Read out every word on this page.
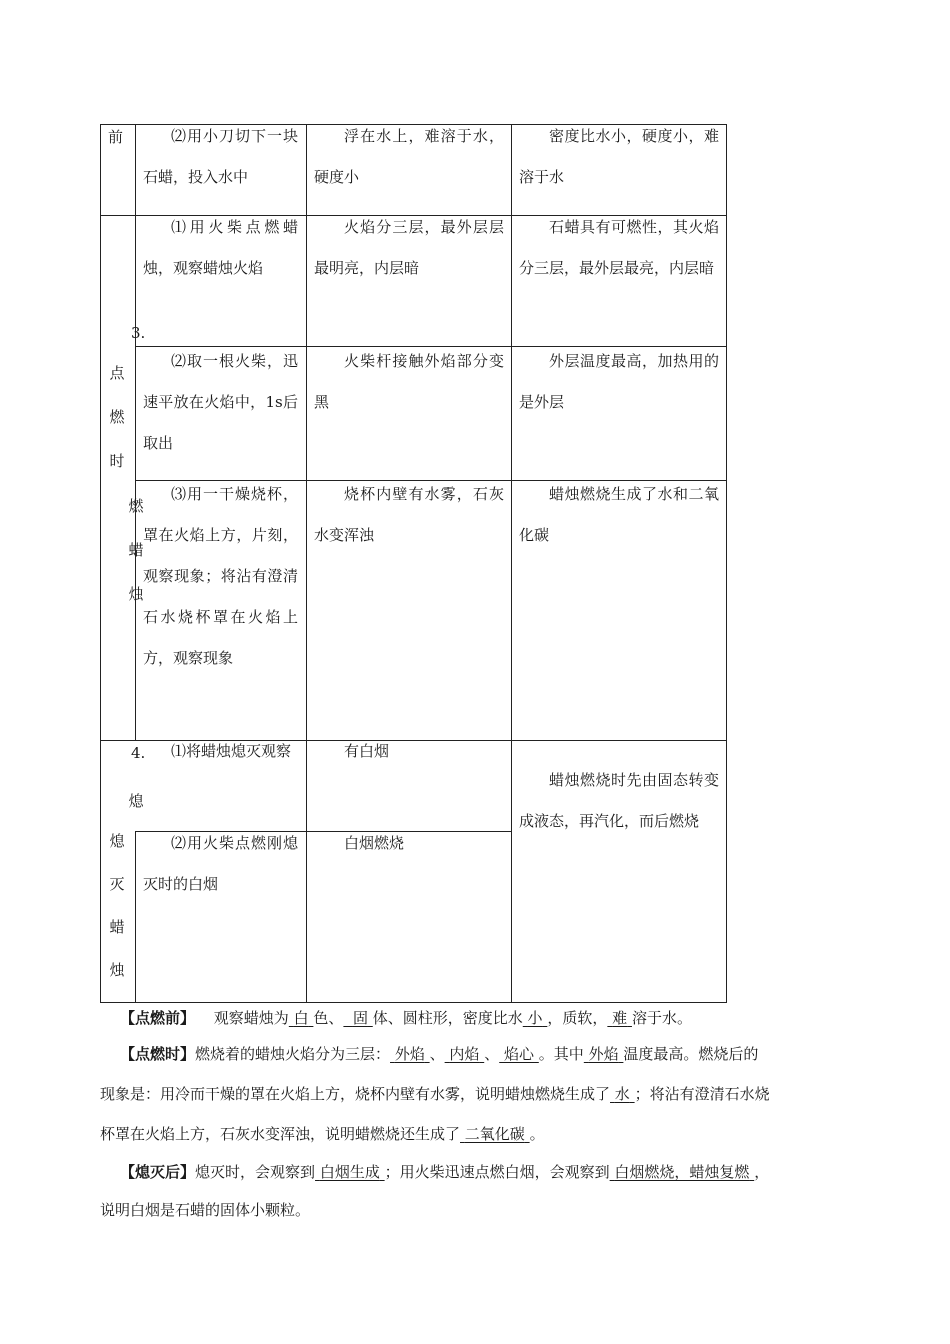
前	⑵用小刀切下一块石蜡，投入水中
浮在水上，难溶于水，硬度小
密度比水小，硬度小，难溶于水
3.
点
燃
时
燃
蜡
烛
⑴用火柴点燃蜡烛，观察蜡烛火焰
火焰分三层，最外层层最明亮，内层暗
石蜡具有可燃性，其火焰分三层，最外层最亮，内层暗
⑵取一根火柴，迅速平放在火焰中，1s后取出
火柴杆接触外焰部分变黑
外层温度最高，加热用的是外层
⑶用一干燥烧杯，罩在火焰上方，片刻，观察现象；将沾有澄清石水烧杯罩在火焰上方，观察现象
烧杯内壁有水雾，石灰水变浑浊
蜡烛燃烧生成了水和二氧化碳
4.
熄
熄
灭
蜡
烛
⑴将蜡烛熄灭观察	有白烟
⑵用火柴点燃刚熄灭时的白烟
白烟燃烧
蜡烛燃烧时先由固态转变成液态，再汽化，而后燃烧
【点燃前】 观察蜡烛为 白 色、 固 体、圆柱形，密度比水 小 ，质软， 难 溶于水。
【点燃时】燃烧着的蜡烛火焰分为三层： 外焰 、 内焰 、 焰心 。其中 外焰 温度最高。燃烧后的
现象是：用冷而干燥的罩在火焰上方，烧杯内壁有水雾，说明蜡烛燃烧生成了 水 ；将沾有澄清石水烧
杯罩在火焰上方，石灰水变浑浊，说明蜡燃烧还生成了 二氧化碳 。
【熄灭后】熄灭时，会观察到 白烟生成 ；用火柴迅速点燃白烟，会观察到 白烟燃烧，蜡烛复燃 ，
说明白烟是石蜡的固体小颗粒。
